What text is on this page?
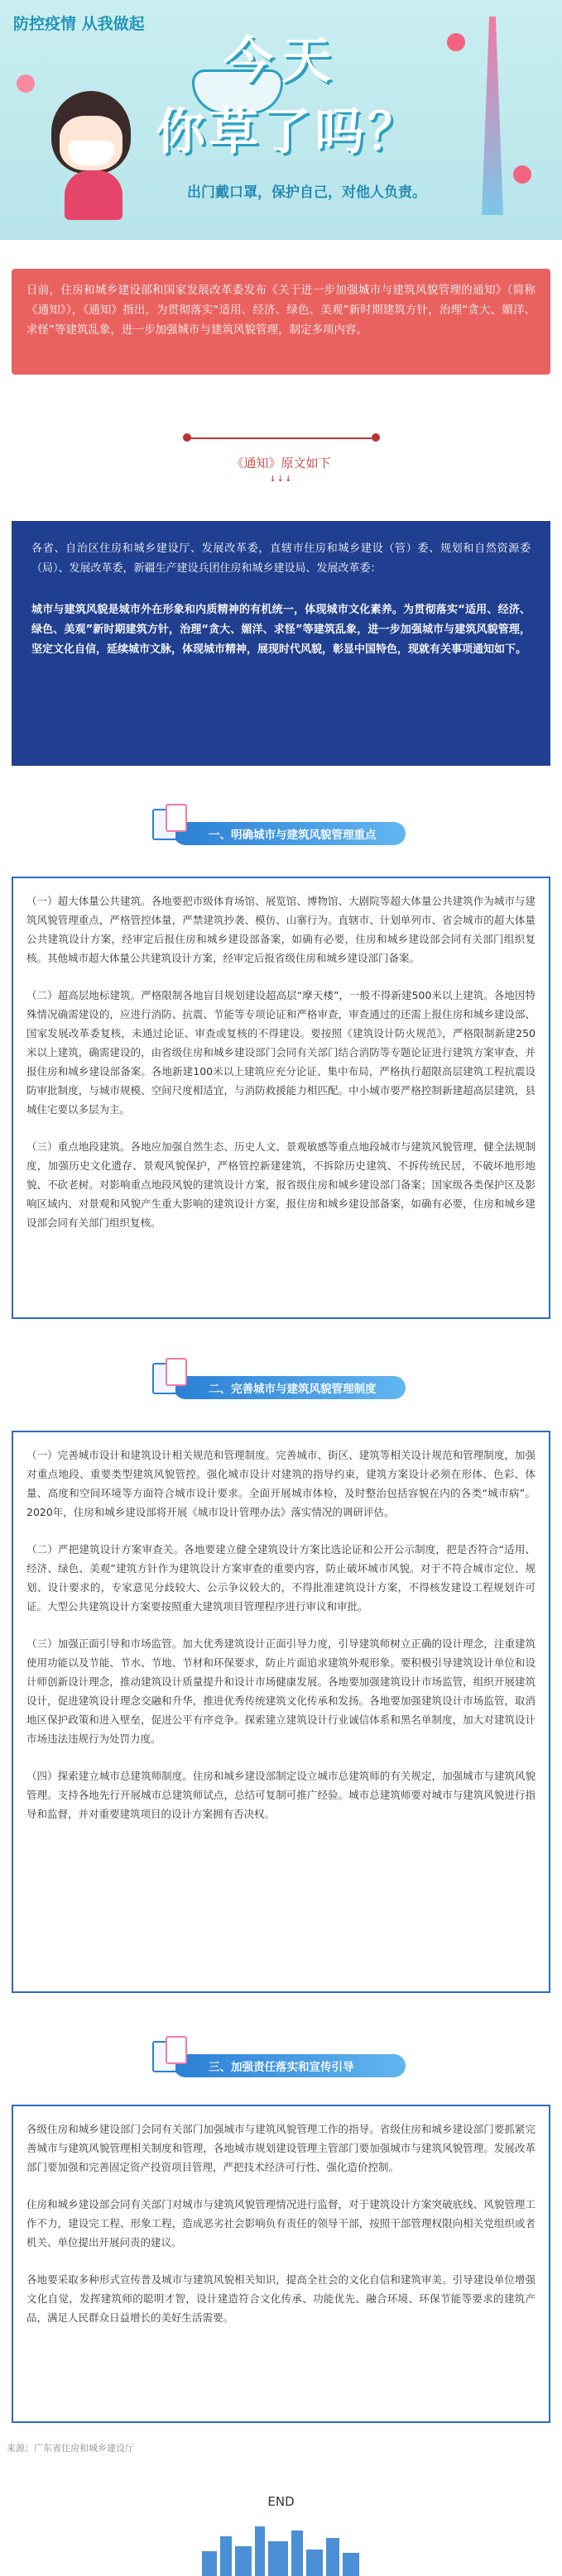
防控疫情 从我做起
今天
你草了吗？
出门戴口罩，保护自己，对他人负责。

日前，住房和城乡建设部和国家发展改革委发布《关于进一步加强城市与建筑风貌管理的通知》（简称《通知》），《通知》指出，为贯彻落实“适用、经济、绿色、美观”新时期建筑方针，治理“贪大、媚洋、求怪”等建筑乱象，进一步加强城市与建筑风貌管理，制定多项内容。

《通知》原文如下
↓↓↓

各省、自治区住房和城乡建设厅、发展改革委，直辖市住房和城乡建设（管）委、规划和自然资源委（局）、发展改革委，新疆生产建设兵团住房和城乡建设局、发展改革委：

城市与建筑风貌是城市外在形象和内质精神的有机统一，体现城市文化素养。为贯彻落实“适用、经济、绿色、美观”新时期建筑方针，治理“贪大、媚洋、求怪”等建筑乱象，进一步加强城市与建筑风貌管理，坚定文化自信，延续城市文脉，体现城市精神，展现时代风貌，彰显中国特色，现就有关事项通知如下。

一、明确城市与建筑风貌管理重点

（一）超大体量公共建筑。各地要把市级体育场馆、展览馆、博物馆、大剧院等超大体量公共建筑作为城市与建筑风貌管理重点，严格管控体量，严禁建筑抄袭、模仿、山寨行为。直辖市、计划单列市、省会城市的超大体量公共建筑设计方案，经审定后报住房和城乡建设部备案，如确有必要，住房和城乡建设部会同有关部门组织复核。其他城市超大体量公共建筑设计方案，经审定后报省级住房和城乡建设部门备案。

（二）超高层地标建筑。严格限制各地盲目规划建设超高层“摩天楼”，一般不得新建500米以上建筑。各地因特殊情况确需建设的，应进行消防、抗震、节能等专项论证和严格审查，审查通过的还需上报住房和城乡建设部、国家发展改革委复核，未通过论证、审查或复核的不得建设。要按照《建筑设计防火规范》，严格限制新建250米以上建筑，确需建设的，由省级住房和城乡建设部门会同有关部门结合消防等专题论证进行建筑方案审查，并报住房和城乡建设部备案。各地新建100米以上建筑应充分论证、集中布局，严格执行超限高层建筑工程抗震设防审批制度，与城市规模、空间尺度相适宜，与消防救援能力相匹配。中小城市要严格控制新建超高层建筑，县城住宅要以多层为主。

（三）重点地段建筑。各地应加强自然生态、历史人文、景观敏感等重点地段城市与建筑风貌管理，健全法规制度，加强历史文化遗存、景观风貌保护，严格管控新建建筑，不拆除历史建筑、不拆传统民居，不破坏地形地貌、不砍老树。对影响重点地段风貌的建筑设计方案，报省级住房和城乡建设部门备案；国家级各类保护区及影响区域内、对景观和风貌产生重大影响的建筑设计方案，报住房和城乡建设部备案，如确有必要，住房和城乡建设部会同有关部门组织复核。

二、完善城市与建筑风貌管理制度

（一）完善城市设计和建筑设计相关规范和管理制度。完善城市、街区、建筑等相关设计规范和管理制度，加强对重点地段、重要类型建筑风貌管控。强化城市设计对建筑的指导约束，建筑方案设计必须在形体、色彩、体量、高度和空间环境等方面符合城市设计要求。全面开展城市体检，及时整治包括容貌在内的各类“城市病”。2020年，住房和城乡建设部将开展《城市设计管理办法》落实情况的调研评估。

（二）严把建筑设计方案审查关。各地要建立健全建筑设计方案比选论证和公开公示制度，把是否符合“适用、经济、绿色、美观”建筑方针作为建筑设计方案审查的重要内容，防止破坏城市风貌。对于不符合城市定位、规划、设计要求的，专家意见分歧较大、公示争议较大的，不得批准建筑设计方案，不得核发建设工程规划许可证。大型公共建筑设计方案要按照重大建筑项目管理程序进行审议和审批。

（三）加强正面引导和市场监管。加大优秀建筑设计正面引导力度，引导建筑师树立正确的设计理念，注重建筑使用功能以及节能、节水、节地、节材和环保要求，防止片面追求建筑外观形象。要积极引导建筑设计单位和设计师创新设计理念，推动建筑设计质量提升和设计市场健康发展。各地要加强建筑设计市场监管，组织开展建筑设计，促进建筑设计理念交融和升华，推进优秀传统建筑文化传承和发扬。各地要加强建筑设计市场监管，取消地区保护政策和进入壁垒，促进公平有序竞争。探索建立建筑设计行业诚信体系和黑名单制度，加大对建筑设计市场违法违规行为处罚力度。

（四）探索建立城市总建筑师制度。住房和城乡建设部制定设立城市总建筑师的有关规定，加强城市与建筑风貌管理。支持各地先行开展城市总建筑师试点，总结可复制可推广经验。城市总建筑师要对城市与建筑风貌进行指导和监督，并对重要建筑项目的设计方案拥有否决权。

三、加强责任落实和宣传引导

各级住房和城乡建设部门会同有关部门加强城市与建筑风貌管理工作的指导。省级住房和城乡建设部门要抓紧完善城市与建筑风貌管理相关制度和管理，各地城市规划建设管理主管部门要加强城市与建筑风貌管理。发展改革部门要加强和完善固定资产投资项目管理，严把技术经济可行性、强化造价控制。

住房和城乡建设部会同有关部门对城市与建筑风貌管理情况进行监督，对于建筑设计方案突破底线、风貌管理工作不力，建设完工程、形象工程，造成恶劣社会影响负有责任的领导干部，按照干部管理权限向相关党组织或者机关、单位提出开展问责的建议。

各地要采取多种形式宣传普及城市与建筑风貌相关知识，提高全社会的文化自信和建筑审美。引导建设单位增强文化自觉，发挥建筑师的聪明才智，设计建造符合文化传承、功能优先、融合环境、环保节能等要求的建筑产品，满足人民群众日益增长的美好生活需要。

来源：广东省住房和城乡建设厅
END
